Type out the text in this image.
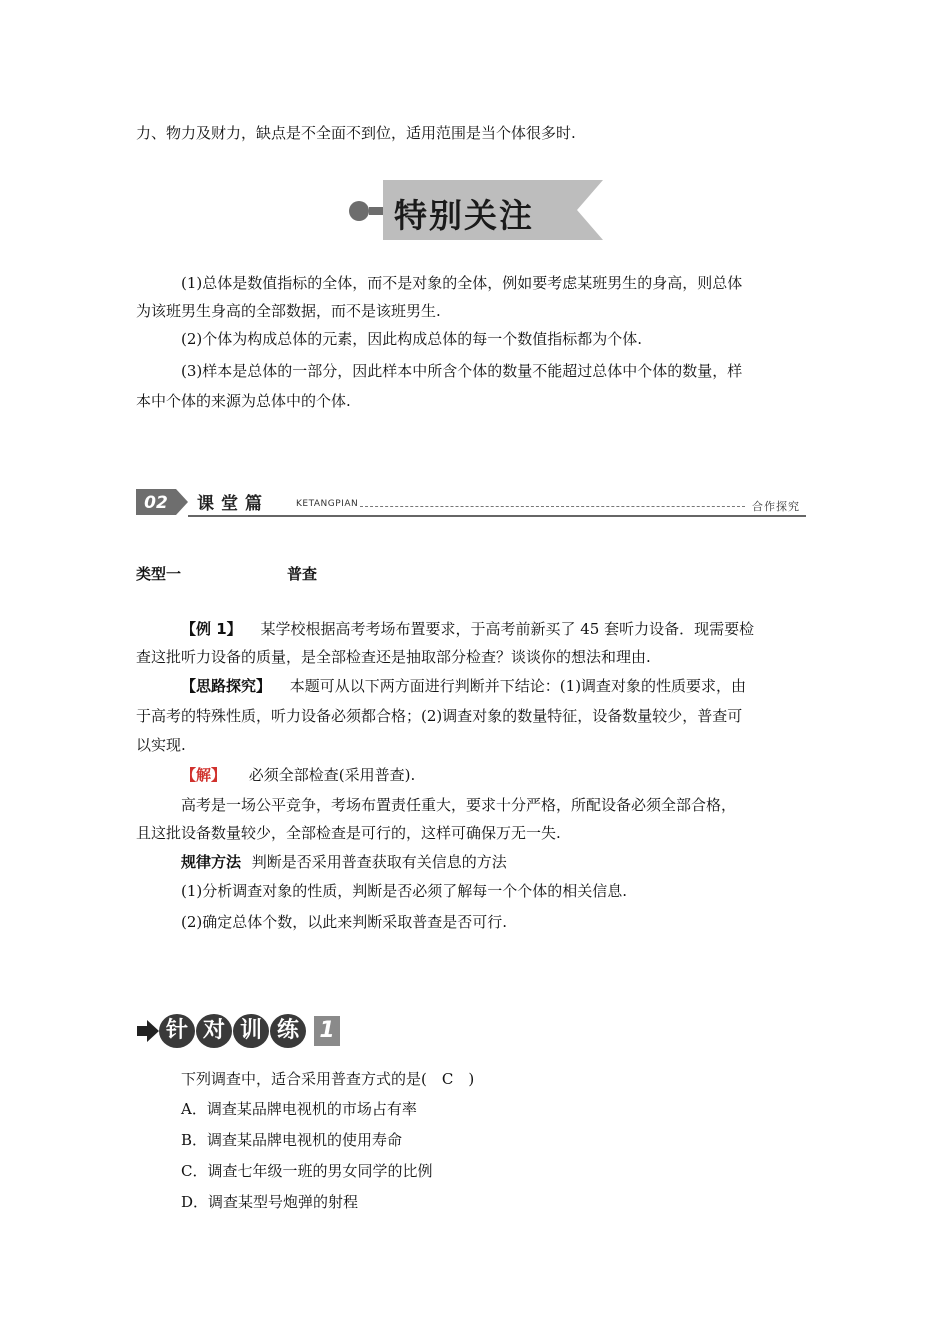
力、物力及财力，缺点是不全面不到位，适用范围是当个体很多时.
特别关注
(1)总体是数值指标的全体，而不是对象的全体，例如要考虑某班男生的身高，则总体
为该班男生身高的全部数据，而不是该班男生.
(2)个体为构成总体的元素，因此构成总体的每一个数值指标都为个体.
(3)样本是总体的一部分，因此样本中所含个体的数量不能超过总体中个体的数量，样
本中个体的来源为总体中的个体.
02 课堂篇	KETANGPIAN	合作探究
类型一	普查
【例 1】 某学校根据高考考场布置要求，于高考前新买了 45 套听力设备．现需要检
查这批听力设备的质量，是全部检查还是抽取部分检查？谈谈你的想法和理由.
【思路探究】 本题可从以下两方面进行判断并下结论：(1)调查对象的性质要求，由
于高考的特殊性质，听力设备必须都合格；(2)调查对象的数量特征，设备数量较少，普查可
以实现.
【解】 必须全部检查(采用普查).
高考是一场公平竞争，考场布置责任重大，要求十分严格，所配设备必须全部合格，
且这批设备数量较少，全部检查是可行的，这样可确保万无一失.
规律方法 判断是否采用普查获取有关信息的方法
(1)分析调查对象的性质，判断是否必须了解每一个个体的相关信息.
(2)确定总体个数，以此来判断采取普查是否可行.
针 对 训 练 1
下列调查中，适合采用普查方式的是(　C　)
A．调查某品牌电视机的市场占有率
B．调查某品牌电视机的使用寿命
C．调查七年级一班的男女同学的比例
D．调查某型号炮弹的射程
